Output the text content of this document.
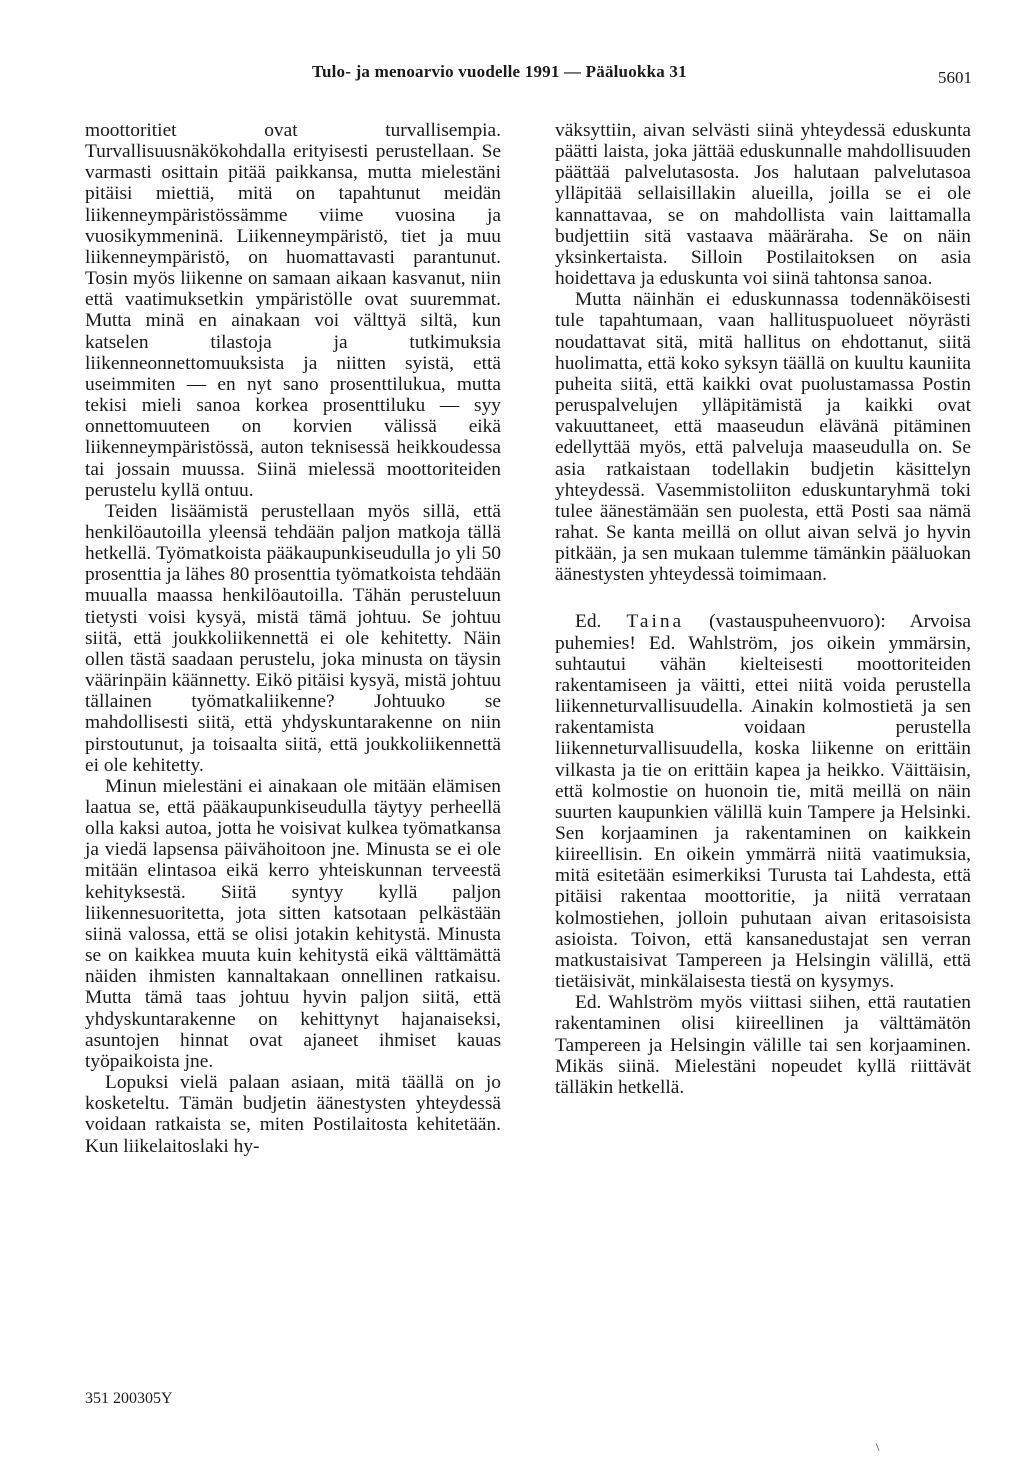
Tulo- ja menoarvio vuodelle 1991 — Pääluokka 31	5601

moottoritiet ovat turvallisempia. Turvallisuusnäkökohdalla erityisesti perustellaan. Se varmasti osittain pitää paikkansa, mutta mielestäni pitäisi miettiä, mitä on tapahtunut meidän liikenneympäristössämme viime vuosina ja vuosikymmeninä. Liikenneympäristö, tiet ja muu liikenneympäristö, on huomattavasti parantunut. Tosin myös liikenne on samaan aikaan kasvanut, niin että vaatimuksetkin ympäristölle ovat suuremmat. Mutta minä en ainakaan voi välttyä siltä, kun katselen tilastoja ja tutkimuksia liikenneonnettomuuksista ja niitten syistä, että useimmiten — en nyt sano prosenttilukua, mutta tekisi mieli sanoa korkea prosenttiluku — syy onnettomuuteen on korvien välissä eikä liikenneympäristössä, auton teknisessä heikkoudessa tai jossain muussa. Siinä mielessä moottoriteiden perustelu kyllä ontuu.

Teiden lisäämistä perustellaan myös sillä, että henkilöautoilla yleensä tehdään paljon matkoja tällä hetkellä. Työmatkoista pääkaupunkiseudulla jo yli 50 prosenttia ja lähes 80 prosenttia työmatkoista tehdään muualla maassa henkilöautoilla. Tähän perusteluun tietysti voisi kysyä, mistä tämä johtuu. Se johtuu siitä, että joukkoliikennettä ei ole kehitetty. Näin ollen tästä saadaan perustelu, joka minusta on täysin väärinpäin käännetty. Eikö pitäisi kysyä, mistä johtuu tällainen työmatkaliikenne? Johtuuko se mahdollisesti siitä, että yhdyskuntarakenne on niin pirstoutunut, ja toisaalta siitä, että joukkoliikennettä ei ole kehitetty.

Minun mielestäni ei ainakaan ole mitään elämisen laatua se, että pääkaupunkiseudulla täytyy perheellä olla kaksi autoa, jotta he voisivat kulkea työmatkansa ja viedä lapsensa päivähoitoon jne. Minusta se ei ole mitään elintasoa eikä kerro yhteiskunnan terveestä kehityksestä. Siitä syntyy kyllä paljon liikennesuoritetta, jota sitten katsotaan pelkästään siinä valossa, että se olisi jotakin kehitystä. Minusta se on kaikkea muuta kuin kehitystä eikä välttämättä näiden ihmisten kannaltakaan onnellinen ratkaisu. Mutta tämä taas johtuu hyvin paljon siitä, että yhdyskuntarakenne on kehittynyt hajanaiseksi, asuntojen hinnat ovat ajaneet ihmiset kauas työpaikoista jne.

Lopuksi vielä palaan asiaan, mitä täällä on jo kosketeltu. Tämän budjetin äänestysten yhteydessä voidaan ratkaista se, miten Postilaitosta kehitetään. Kun liikelaitoslaki hy-

väksyttiin, aivan selvästi siinä yhteydessä eduskunta päätti laista, joka jättää eduskunnalle mahdollisuuden päättää palvelutasosta. Jos halutaan palvelutasoa ylläpitää sellaisillakin alueilla, joilla se ei ole kannattavaa, se on mahdollista vain laittamalla budjettiin sitä vastaava määräraha. Se on näin yksinkertaista. Silloin Postilaitoksen on asia hoidettava ja eduskunta voi siinä tahtonsa sanoa.

Mutta näinhän ei eduskunnassa todennäköisesti tule tapahtumaan, vaan hallituspuolueet nöyrästi noudattavat sitä, mitä hallitus on ehdottanut, siitä huolimatta, että koko syksyn täällä on kuultu kauniita puheita siitä, että kaikki ovat puolustamassa Postin peruspalvelujen ylläpitämistä ja kaikki ovat vakuuttaneet, että maaseudun elävänä pitäminen edellyttää myös, että palveluja maaseudulla on. Se asia ratkaistaan todellakin budjetin käsittelyn yhteydessä. Vasemmistoliiton eduskuntaryhmä toki tulee äänestämään sen puolesta, että Posti saa nämä rahat. Se kanta meillä on ollut aivan selvä jo hyvin pitkään, ja sen mukaan tulemme tämänkin pääluokan äänestysten yhteydessä toimimaan.

Ed. Taina (vastauspuheenvuoro): Arvoisa puhemies! Ed. Wahlström, jos oikein ymmärsin, suhtautui vähän kielteisesti moottoriteiden rakentamiseen ja väitti, ettei niitä voida perustella liikenneturvallisuudella. Ainakin kolmostietä ja sen rakentamista voidaan perustella liikenneturvallisuudella, koska liikenne on erittäin vilkasta ja tie on erittäin kapea ja heikko. Väittäisin, että kolmostie on huonoin tie, mitä meillä on näin suurten kaupunkien välillä kuin Tampere ja Helsinki. Sen korjaaminen ja rakentaminen on kaikkein kiireellisin. En oikein ymmärrä niitä vaatimuksia, mitä esitetään esimerkiksi Turusta tai Lahdesta, että pitäisi rakentaa moottoritie, ja niitä verrataan kolmostiehen, jolloin puhutaan aivan eritasoisista asioista. Toivon, että kansanedustajat sen verran matkustaisivat Tampereen ja Helsingin välillä, että tietäisivät, minkälaisesta tiestä on kysymys.

Ed. Wahlström myös viittasi siihen, että rautatien rakentaminen olisi kiireellinen ja välttämätön Tampereen ja Helsingin välille tai sen korjaaminen. Mikäs siinä. Mielestäni nopeudet kyllä riittävät tälläkin hetkellä.

351 200305Y
\
